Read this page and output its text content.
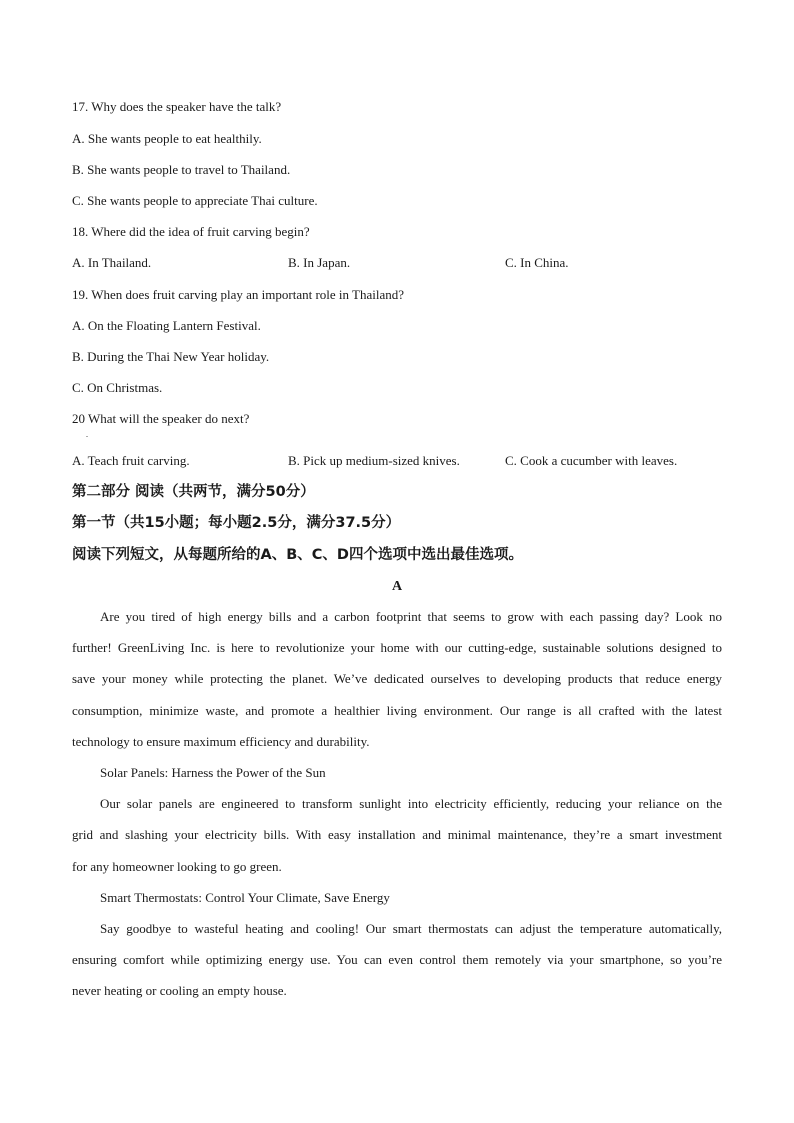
17. Why does the speaker have the talk?
A. She wants people to eat healthily.
B. She wants people to travel to Thailand.
C. She wants people to appreciate Thai culture.
18. Where did the idea of fruit carving begin?
A. In Thailand.	B. In Japan.	C. In China.
19. When does fruit carving play an important role in Thailand?
A. On the Floating Lantern Festival.
B. During the Thai New Year holiday.
C. On Christmas.
20 What will the speaker do next?
.
A. Teach fruit carving.	B. Pick up medium-sized knives.	C. Cook a cucumber with leaves.
第二部分 阅读（共两节，满分50分）
第一节（共15小题；每小题2.5分，满分37.5分）
阅读下列短文，从每题所给的A、B、C、D四个选项中选出最佳选项。
A
Are you tired of high energy bills and a carbon footprint that seems to grow with each passing day? Look no
further! GreenLiving Inc. is here to revolutionize your home with our cutting-edge, sustainable solutions designed to
save your money while protecting the planet. We’ve dedicated ourselves to developing products that reduce energy
consumption, minimize waste, and promote a healthier living environment. Our range is all crafted with the latest
technology to ensure maximum efficiency and durability.
Solar Panels: Harness the Power of the Sun
Our solar panels are engineered to transform sunlight into electricity efficiently, reducing your reliance on the
grid and slashing your electricity bills. With easy installation and minimal maintenance, they’re a smart investment
for any homeowner looking to go green.
Smart Thermostats: Control Your Climate, Save Energy
Say goodbye to wasteful heating and cooling! Our smart thermostats can adjust the temperature automatically,
ensuring comfort while optimizing energy use. You can even control them remotely via your smartphone, so you’re
never heating or cooling an empty house.
